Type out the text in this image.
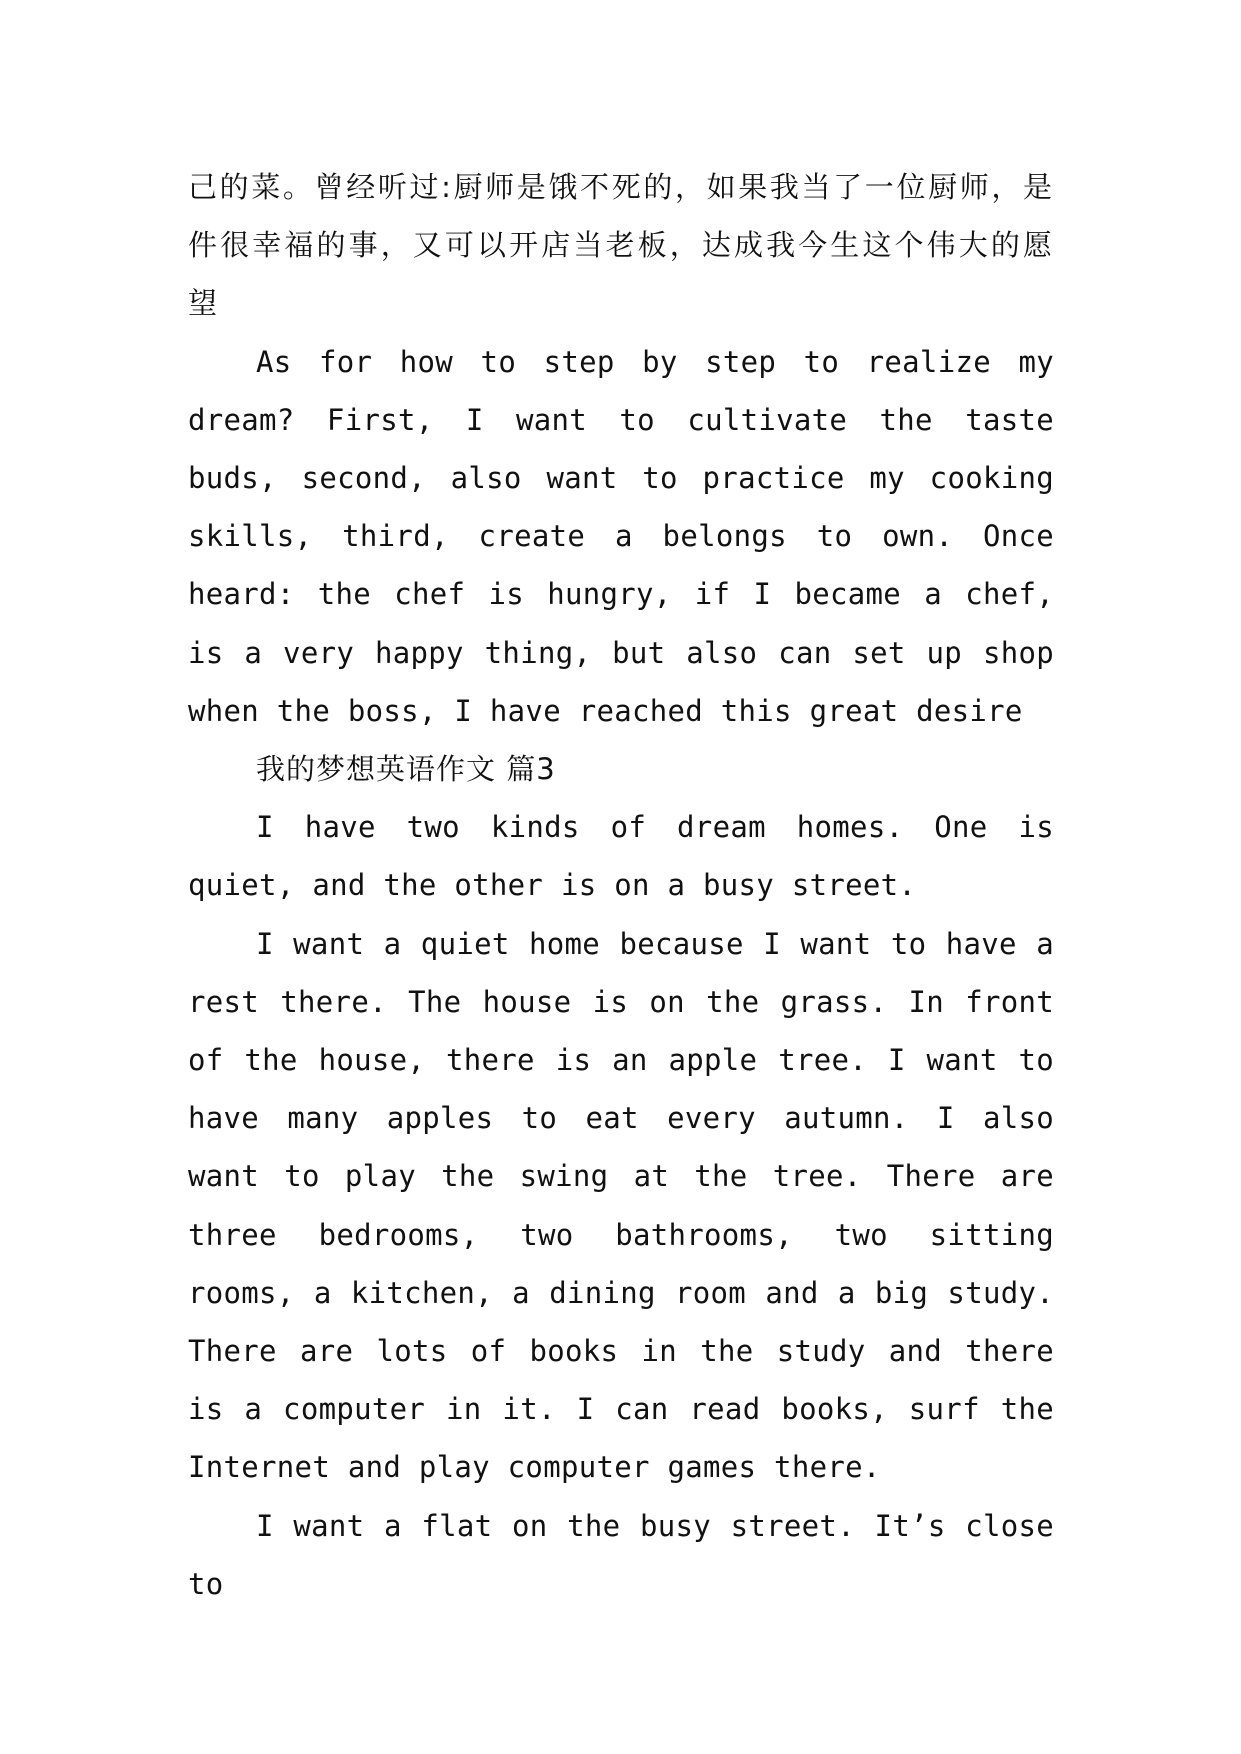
己的菜。曾经听过:厨师是饿不死的，如果我当了一位厨师，是件很幸福的事，又可以开店当老板，达成我今生这个伟大的愿望

As for how to step by step to realize my dream? First, I want to cultivate the taste buds, second, also want to practice my cooking skills, third, create a belongs to own. Once heard: the chef is hungry, if I became a chef, is a very happy thing, but also can set up shop when the boss, I have reached this great desire

我的梦想英语作文 篇3

I have two kinds of dream homes. One is quiet, and the other is on a busy street.

I want a quiet home because I want to have a rest there. The house is on the grass. In front of the house, there is an apple tree. I want to have many apples to eat every autumn. I also want to play the swing at the tree. There are three bedrooms, two bathrooms, two sitting rooms, a kitchen, a dining room and a big study. There are lots of books in the study and there is a computer in it. I can read books, surf the Internet and play computer games there.

I want a flat on the busy street. It’s close to
